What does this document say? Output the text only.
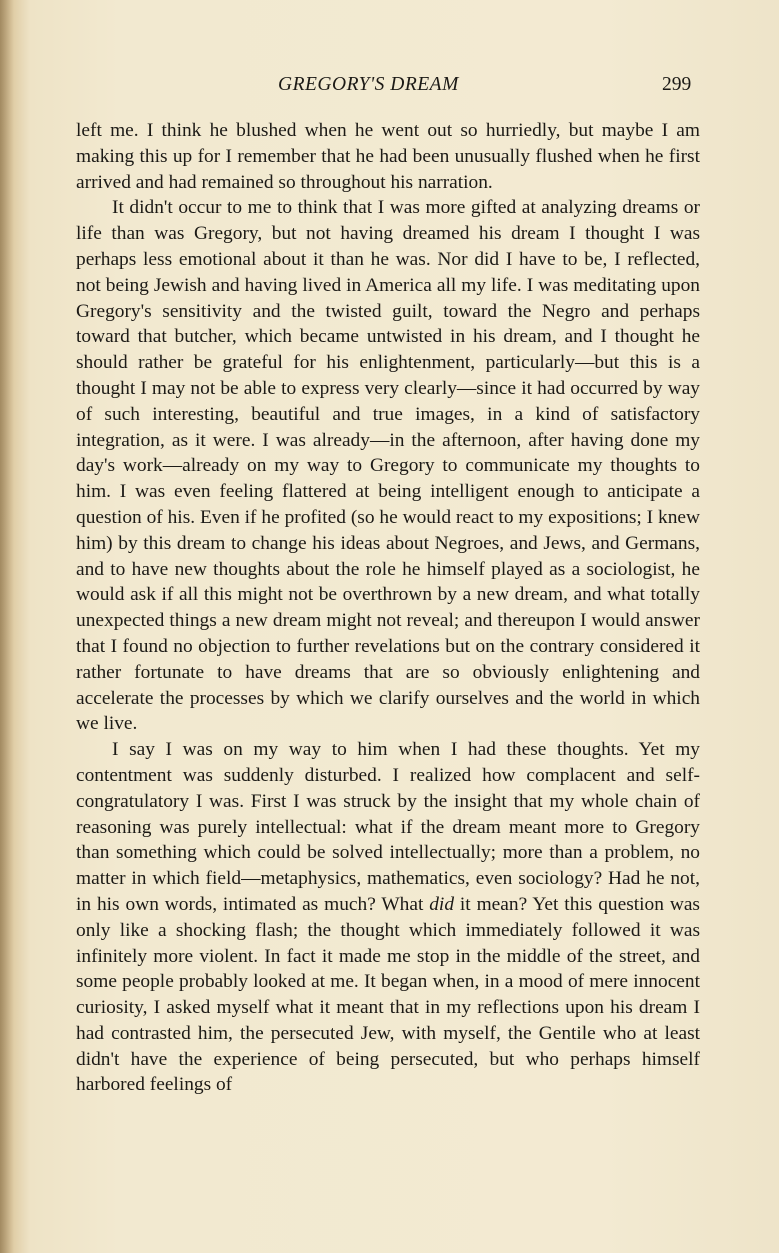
GREGORY'S DREAM	299

left me. I think he blushed when he went out so hurriedly, but maybe I am making this up for I remember that he had been unusually flushed when he first arrived and had remained so throughout his narration.

It didn't occur to me to think that I was more gifted at analyzing dreams or life than was Gregory, but not having dreamed his dream I thought I was perhaps less emotional about it than he was. Nor did I have to be, I reflected, not being Jewish and having lived in America all my life. I was meditating upon Gregory's sensitivity and the twisted guilt, toward the Negro and perhaps toward that butcher, which became untwisted in his dream, and I thought he should rather be grateful for his enlightenment, particularly—but this is a thought I may not be able to express very clearly—since it had occurred by way of such interesting, beautiful and true images, in a kind of satisfactory integration, as it were. I was already—in the afternoon, after having done my day's work—already on my way to Gregory to communicate my thoughts to him. I was even feeling flattered at being intelligent enough to anticipate a question of his. Even if he profited (so he would react to my expositions; I knew him) by this dream to change his ideas about Negroes, and Jews, and Germans, and to have new thoughts about the role he himself played as a sociologist, he would ask if all this might not be overthrown by a new dream, and what totally unexpected things a new dream might not reveal; and thereupon I would answer that I found no objection to further revelations but on the contrary considered it rather fortunate to have dreams that are so obviously enlightening and accelerate the processes by which we clarify ourselves and the world in which we live.

I say I was on my way to him when I had these thoughts. Yet my contentment was suddenly disturbed. I realized how complacent and self-congratulatory I was. First I was struck by the insight that my whole chain of reasoning was purely intellectual: what if the dream meant more to Gregory than something which could be solved intellectually; more than a problem, no matter in which field—metaphysics, mathematics, even sociology? Had he not, in his own words, intimated as much? What did it mean? Yet this question was only like a shocking flash; the thought which immediately followed it was infinitely more violent. In fact it made me stop in the middle of the street, and some people probably looked at me. It began when, in a mood of mere innocent curiosity, I asked myself what it meant that in my reflections upon his dream I had contrasted him, the persecuted Jew, with myself, the Gentile who at least didn't have the experience of being persecuted, but who perhaps himself harbored feelings of
